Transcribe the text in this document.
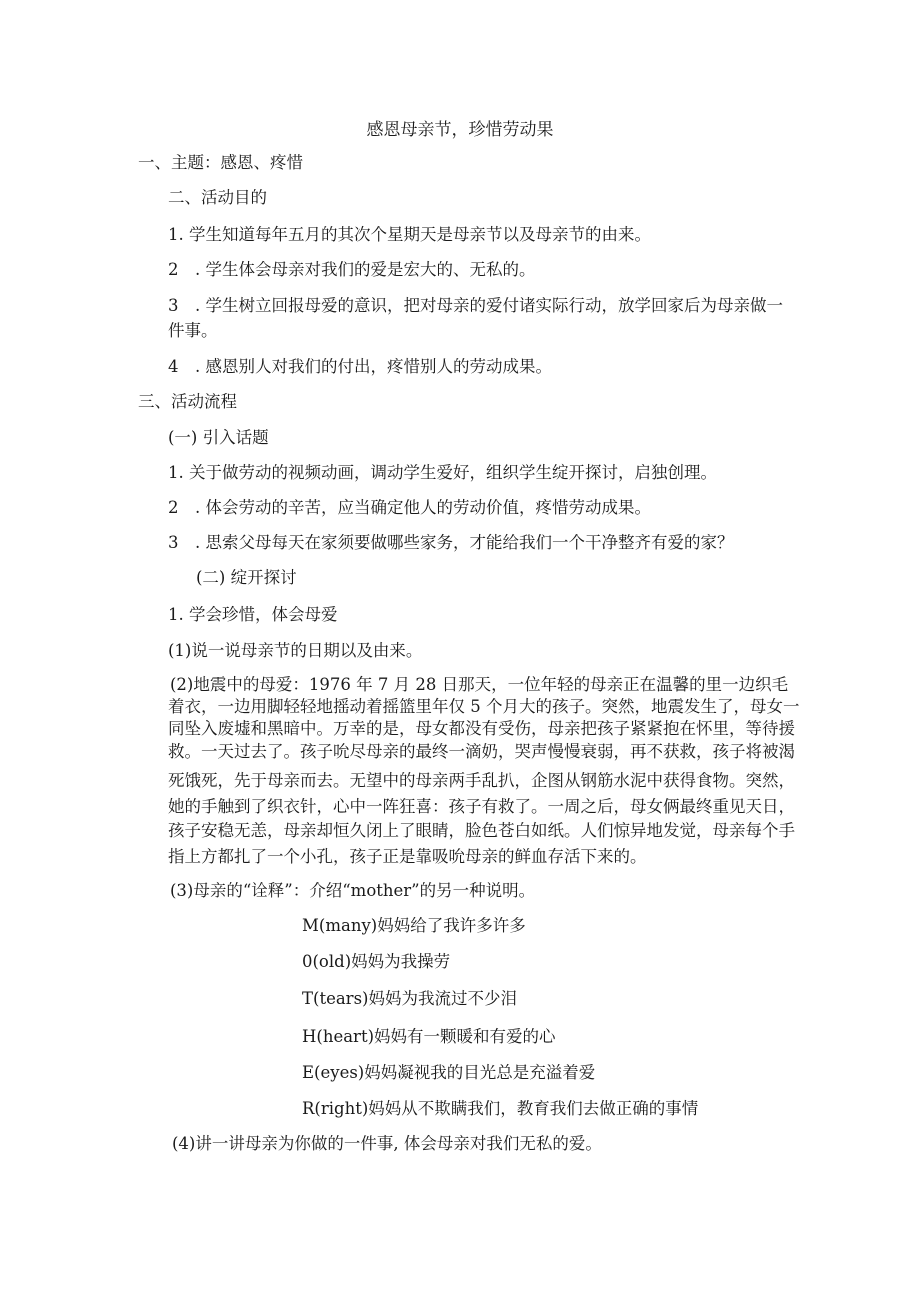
感恩母亲节，珍惜劳动果
一、主题：感恩、疼惜
二、活动目的
1. 学生知道每年五月的其次个星期天是母亲节以及母亲节的由来。
2　. 学生体会母亲对我们的爱是宏大的、无私的。
3　. 学生树立回报母爱的意识，把对母亲的爱付诸实际行动，放学回家后为母亲做一
件事。
4　. 感恩别人对我们的付出，疼惜别人的劳动成果。
三、活动流程
(一) 引入话题
1. 关于做劳动的视频动画，调动学生爱好，组织学生绽开探讨，启独创理。
2　. 体会劳动的辛苦，应当确定他人的劳动价值，疼惜劳动成果。
3　. 思索父母每天在家须要做哪些家务，才能给我们一个干净整齐有爱的家？
(二) 绽开探讨
1. 学会珍惜，体会母爱
(1)说一说母亲节的日期以及由来。
(2)地震中的母爱：1976 年 7 月 28 日那天，一位年轻的母亲正在温馨的里一边织毛
着衣，一边用脚轻轻地摇动着摇篮里年仅 5 个月大的孩子。突然，地震发生了，母女一
同坠入废墟和黑暗中。万幸的是，母女都没有受伤，母亲把孩子紧紧抱在怀里，等待援
救。一天过去了。孩子吮尽母亲的最终一滴奶，哭声慢慢衰弱，再不获救，孩子将被渴
死饿死，先于母亲而去。无望中的母亲两手乱扒，企图从钢筋水泥中获得食物。突然，
她的手触到了织衣针，心中一阵狂喜：孩子有救了。一周之后，母女俩最终重见天日，
孩子安稳无恙，母亲却恒久闭上了眼睛，脸色苍白如纸。人们惊异地发觉，母亲每个手
指上方都扎了一个小孔，孩子正是靠吸吮母亲的鲜血存活下来的。
(3)母亲的“诠释”：介绍“mother”的另一种说明。
M(many)妈妈给了我许多许多
0(old)妈妈为我操劳
T(tears)妈妈为我流过不少泪
H(heart)妈妈有一颗暖和有爱的心
E(eyes)妈妈凝视我的目光总是充溢着爱
R(right)妈妈从不欺瞒我们，教育我们去做正确的事情
(4)讲一讲母亲为你做的一件事, 体会母亲对我们无私的爱。
